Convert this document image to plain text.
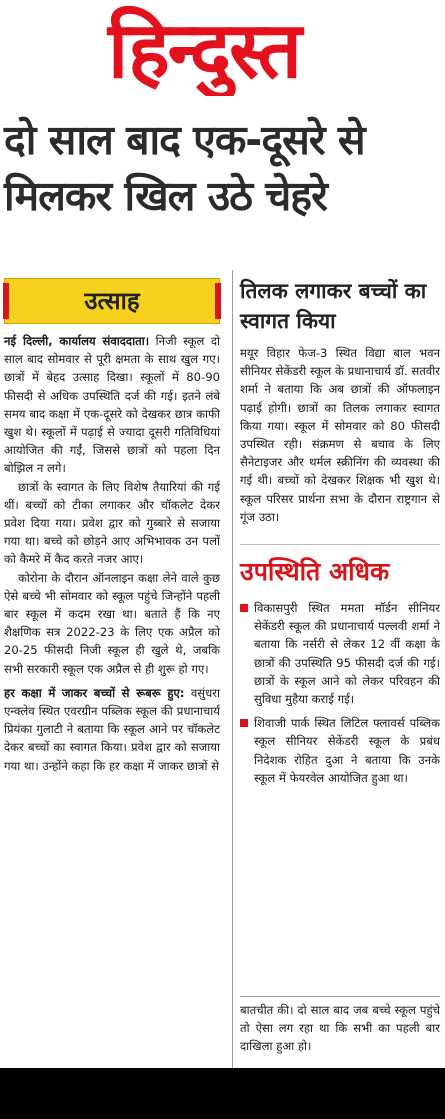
हिन्दुस्त
दो साल बाद एक-दूसरे से
मिलकर खिल उठे चेहरे
उत्साह

नई दिल्ली, कार्यालय संवाददाता। निजी स्कूल दो साल बाद सोमवार से पूरी क्षमता के साथ खुल गए। छात्रों में बेहद उत्साह दिखा। स्कूलों में 80-90 फीसदी से अधिक उपस्थिति दर्ज की गई। इतने लंबे समय बाद कक्षा में एक-दूसरे को देखकर छात्र काफी खुश थे। स्कूलों में पढ़ाई से ज्यादा दूसरी गतिविधियां आयोजित की गईं, जिससे छात्रों को पहला दिन बोझिल न लगे।

छात्रों के स्वागत के लिए विशेष तैयारियां की गई थीं। बच्चों को टीका लगाकर और चॉकलेट देकर प्रवेश दिया गया। प्रवेश द्वार को गुब्बारे से सजाया गया था। बच्चे को छोड़ने आए अभिभावक उन पलों को कैमरे में कैद करते नजर आए।

कोरोना के दौरान ऑनलाइन कक्षा लेने वाले कुछ ऐसे बच्चे भी सोमवार को स्कूल पहुंचे जिन्होंने पहली बार स्कूल में कदम रखा था। बताते हैं कि नए शैक्षणिक सत्र 2022-23 के लिए एक अप्रैल को 20-25 फीसदी निजी स्कूल ही खुले थे, जबकि सभी सरकारी स्कूल एक अप्रैल से ही शुरू हो गए।

हर कक्षा में जाकर बच्चों से रूबरू हुए: वसुंधरा एन्क्लेव स्थित एवरग्रीन पब्लिक स्कूल की प्रधानाचार्य प्रियंका गुलाटी ने बताया कि स्कूल आने पर चॉकलेट देकर बच्चों का स्वागत किया। प्रवेश द्वार को सजाया गया था। उन्होंने कहा कि हर कक्षा में जाकर छात्रों से

तिलक लगाकर बच्चों का स्वागत किया

मयूर विहार फेज-3 स्थित विद्या बाल भवन सीनियर सेकेंडरी स्कूल के प्रधानाचार्य डॉ. सतवीर शर्मा ने बताया कि अब छात्रों की ऑफलाइन पढ़ाई होगी। छात्रों का तिलक लगाकर स्वागत किया गया। स्कूल में सोमवार को 80 फीसदी उपस्थित रही। संक्रमण से बचाव के लिए सैनेटाइजर और थर्मल स्क्रीनिंग की व्यवस्था की गई थी। बच्चों को देखकर शिक्षक भी खुश थे। स्कूल परिसर प्रार्थना सभा के दौरान राष्ट्रगान से गूंज उठा।

उपस्थिति अधिक
विकासपुरी स्थित ममता मॉर्डन सीनियर सेकेंडरी स्कूल की प्रधानाचार्य पल्लवी शर्मा ने बताया कि नर्सरी से लेकर 12 वीं कक्षा के छात्रों की उपस्थिति 95 फीसदी दर्ज की गई। छात्रों के स्कूल आने को लेकर परिवहन की सुविधा मुहैया कराई गई।
शिवाजी पार्क स्थित लिटिल फ्लावर्स पब्लिक स्कूल सीनियर सेकेंडरी स्कूल के प्रबंध निदेशक रोहित दुआ ने बताया कि उनके स्कूल में फेयरवेल आयोजित हुआ था।
बातचीत की। दो साल बाद जब बच्चे स्कूल पहुंचे तो ऐसा लग रहा था कि सभी का पहली बार दाखिला हुआ हो।
